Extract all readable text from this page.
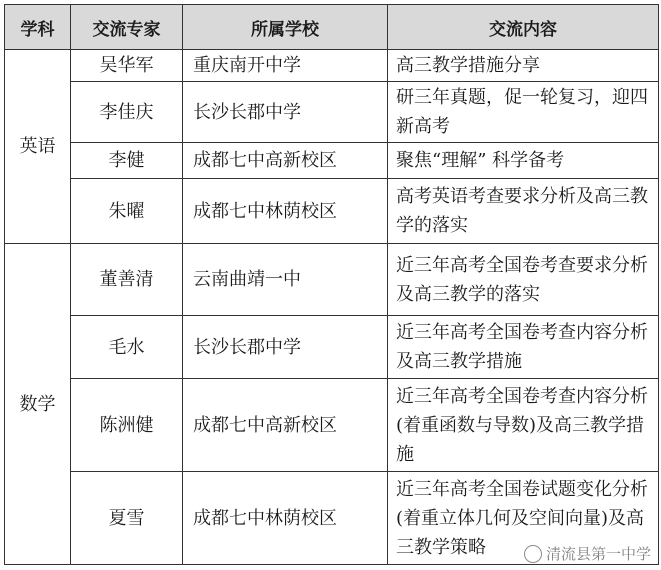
学科	交流专家	所属学校	交流内容
英语	吴华军	重庆南开中学	高三教学措施分享
	李佳庆	长沙长郡中学	研三年真题，促一轮复习，迎四新高考
	李健	成都七中高新校区	聚焦“理解” 科学备考
	朱曜	成都七中林荫校区	高考英语考查要求分析及高三教学的落实
数学	董善清	云南曲靖一中	近三年高考全国卷考查要求分析及高三教学的落实
	毛水	长沙长郡中学	近三年高考全国卷考查内容分析及高三教学措施
	陈洲健	成都七中高新校区	近三年高考全国卷考查内容分析(着重函数与导数)及高三教学措施
	夏雪	成都七中林荫校区	近三年高考全国卷试题变化分析(着重立体几何及空间向量)及高三教学策略	清流县第一中学
